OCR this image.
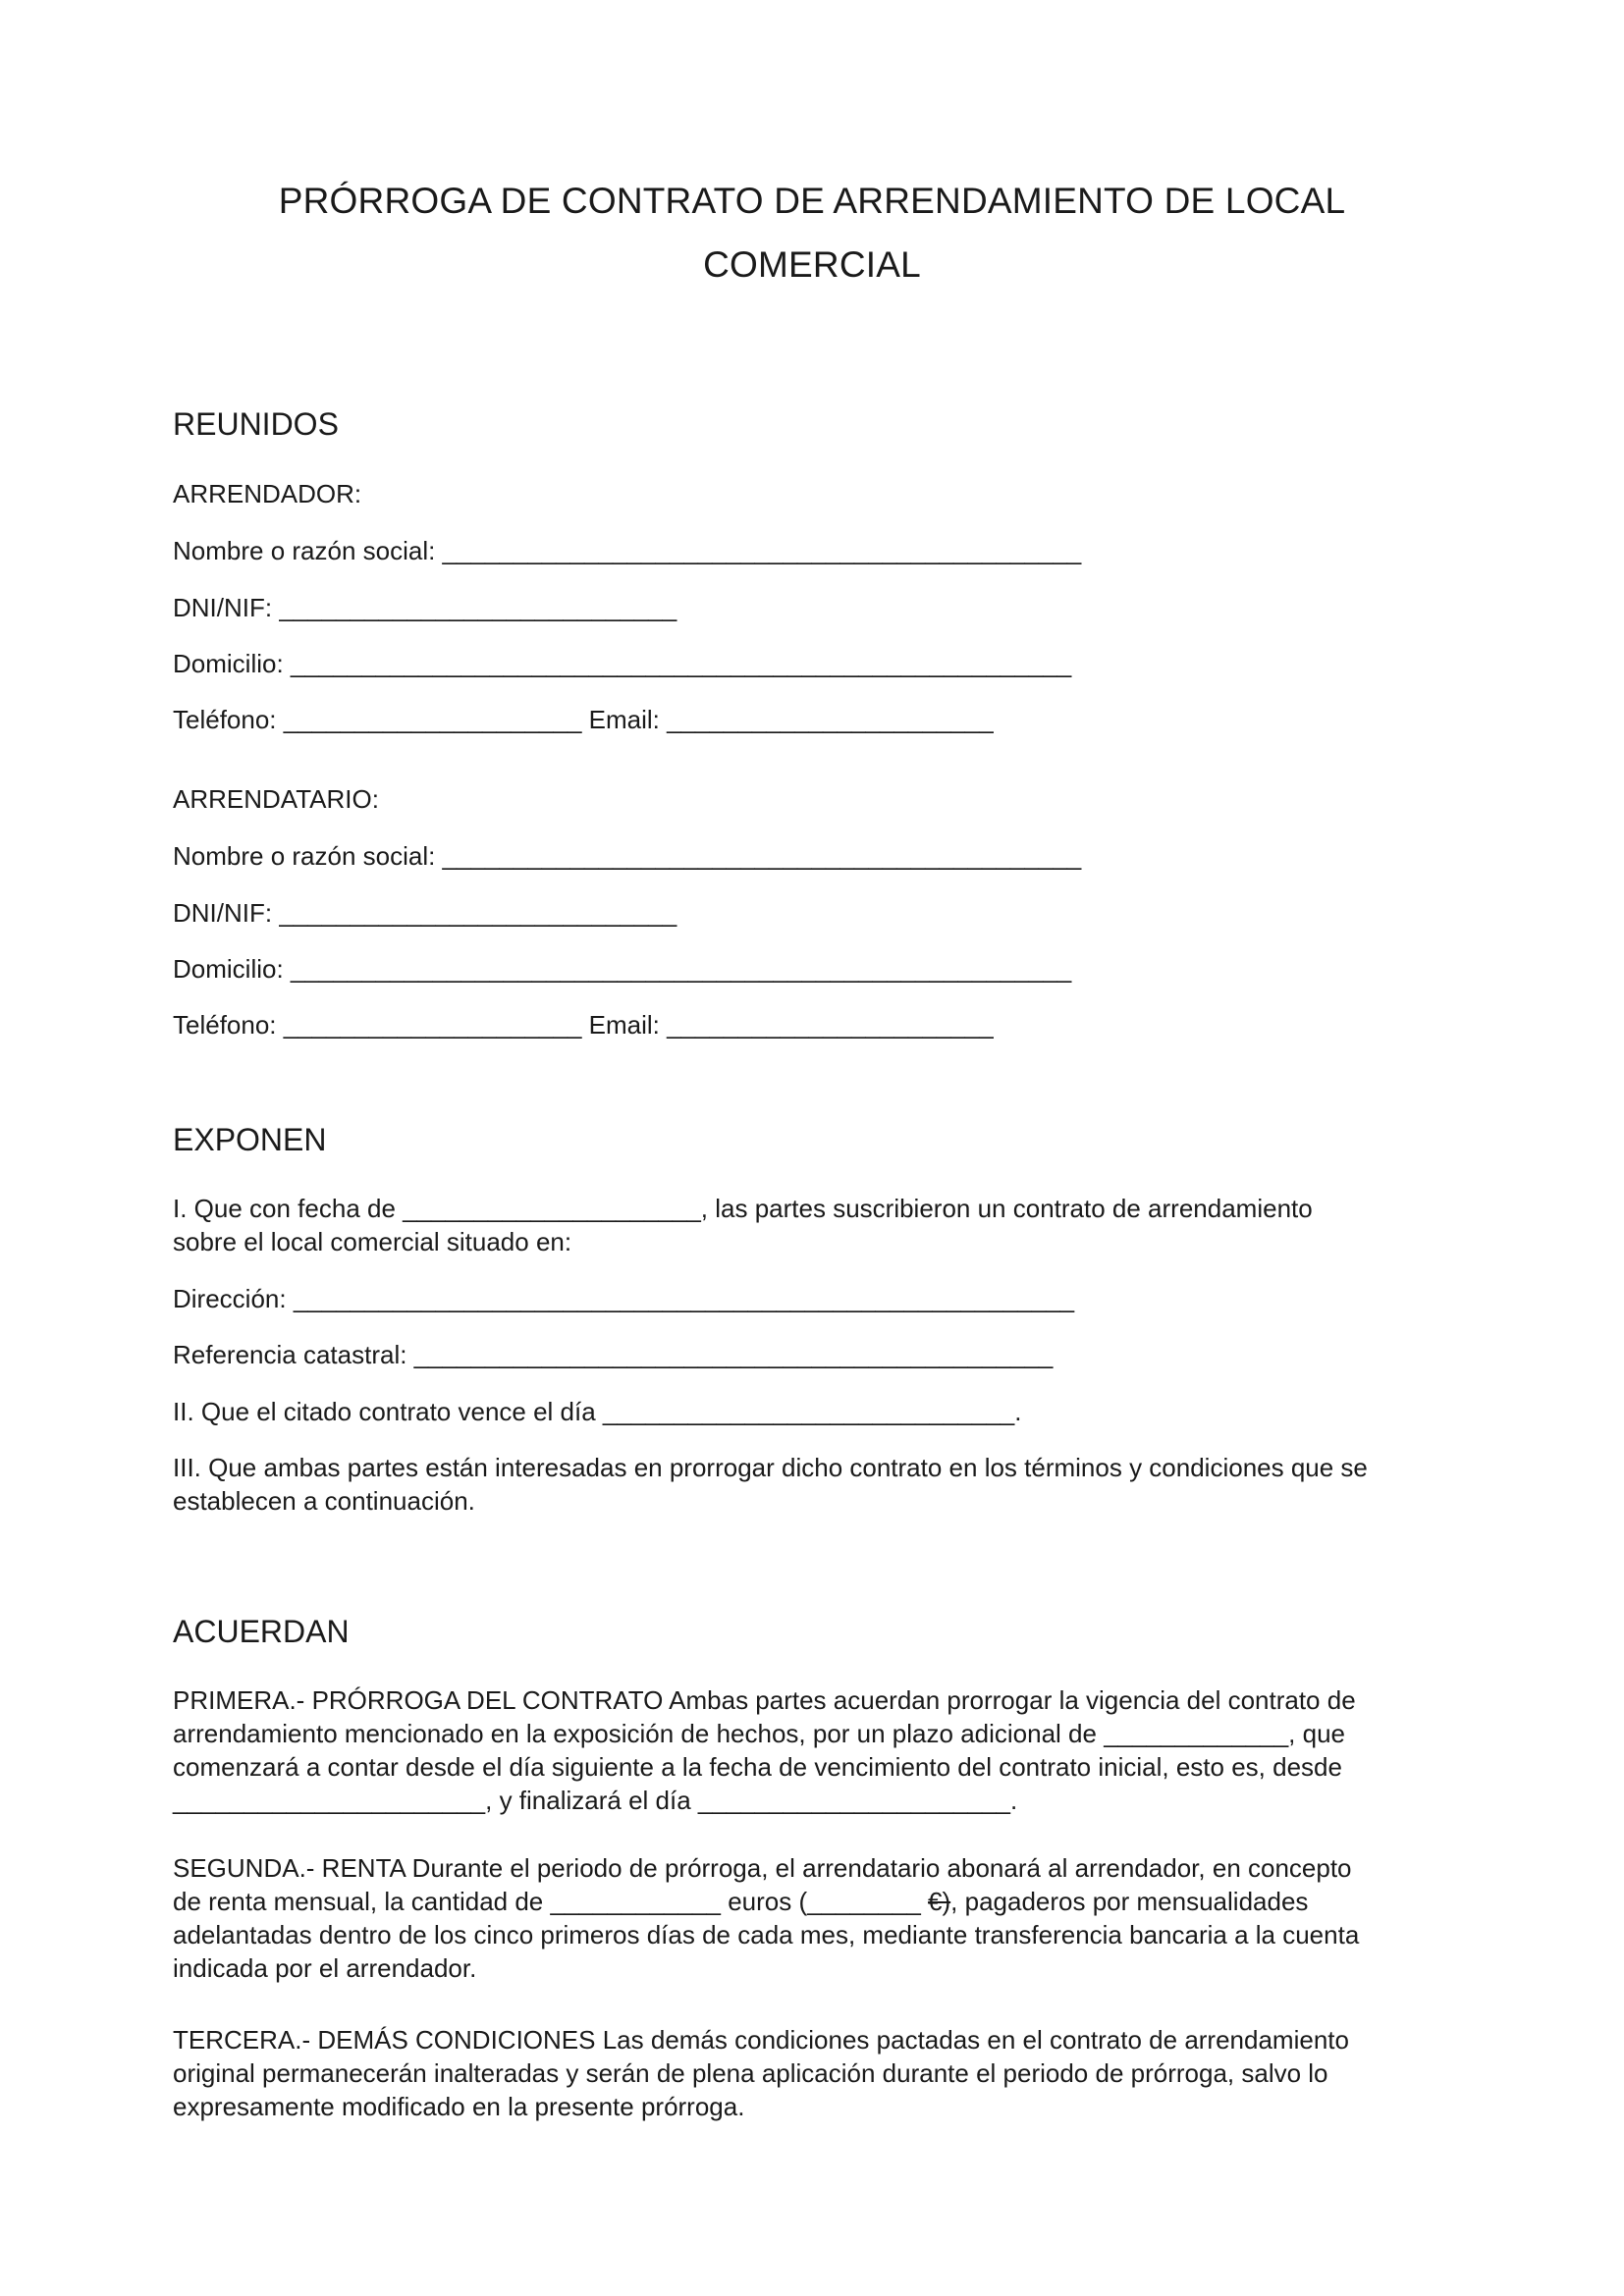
PRÓRROGA DE CONTRATO DE ARRENDAMIENTO DE LOCAL
COMERCIAL
REUNIDOS
ARRENDADOR:
Nombre o razón social: _____________________________________________
DNI/NIF: ____________________________
Domicilio: _______________________________________________________
Teléfono: _____________________ Email: _______________________
ARRENDATARIO:
Nombre o razón social: _____________________________________________
DNI/NIF: ____________________________
Domicilio: _______________________________________________________
Teléfono: _____________________ Email: _______________________
EXPONEN
I. Que con fecha de _____________________, las partes suscribieron un contrato de arrendamiento
sobre el local comercial situado en:
Dirección: _______________________________________________________
Referencia catastral: _____________________________________________
II. Que el citado contrato vence el día _____________________________.
III. Que ambas partes están interesadas en prorrogar dicho contrato en los términos y condiciones que se
establecen a continuación.
ACUERDAN
PRIMERA.- PRÓRROGA DEL CONTRATO Ambas partes acuerdan prorrogar la vigencia del contrato de
arrendamiento mencionado en la exposición de hechos, por un plazo adicional de _____________, que
comenzará a contar desde el día siguiente a la fecha de vencimiento del contrato inicial, esto es, desde
______________________, y finalizará el día ______________________.
SEGUNDA.- RENTA Durante el periodo de prórroga, el arrendatario abonará al arrendador, en concepto
de renta mensual, la cantidad de ____________ euros (________ €), pagaderos por mensualidades
adelantadas dentro de los cinco primeros días de cada mes, mediante transferencia bancaria a la cuenta
indicada por el arrendador.
TERCERA.- DEMÁS CONDICIONES Las demás condiciones pactadas en el contrato de arrendamiento
original permanecerán inalteradas y serán de plena aplicación durante el periodo de prórroga, salvo lo
expresamente modificado en la presente prórroga.
